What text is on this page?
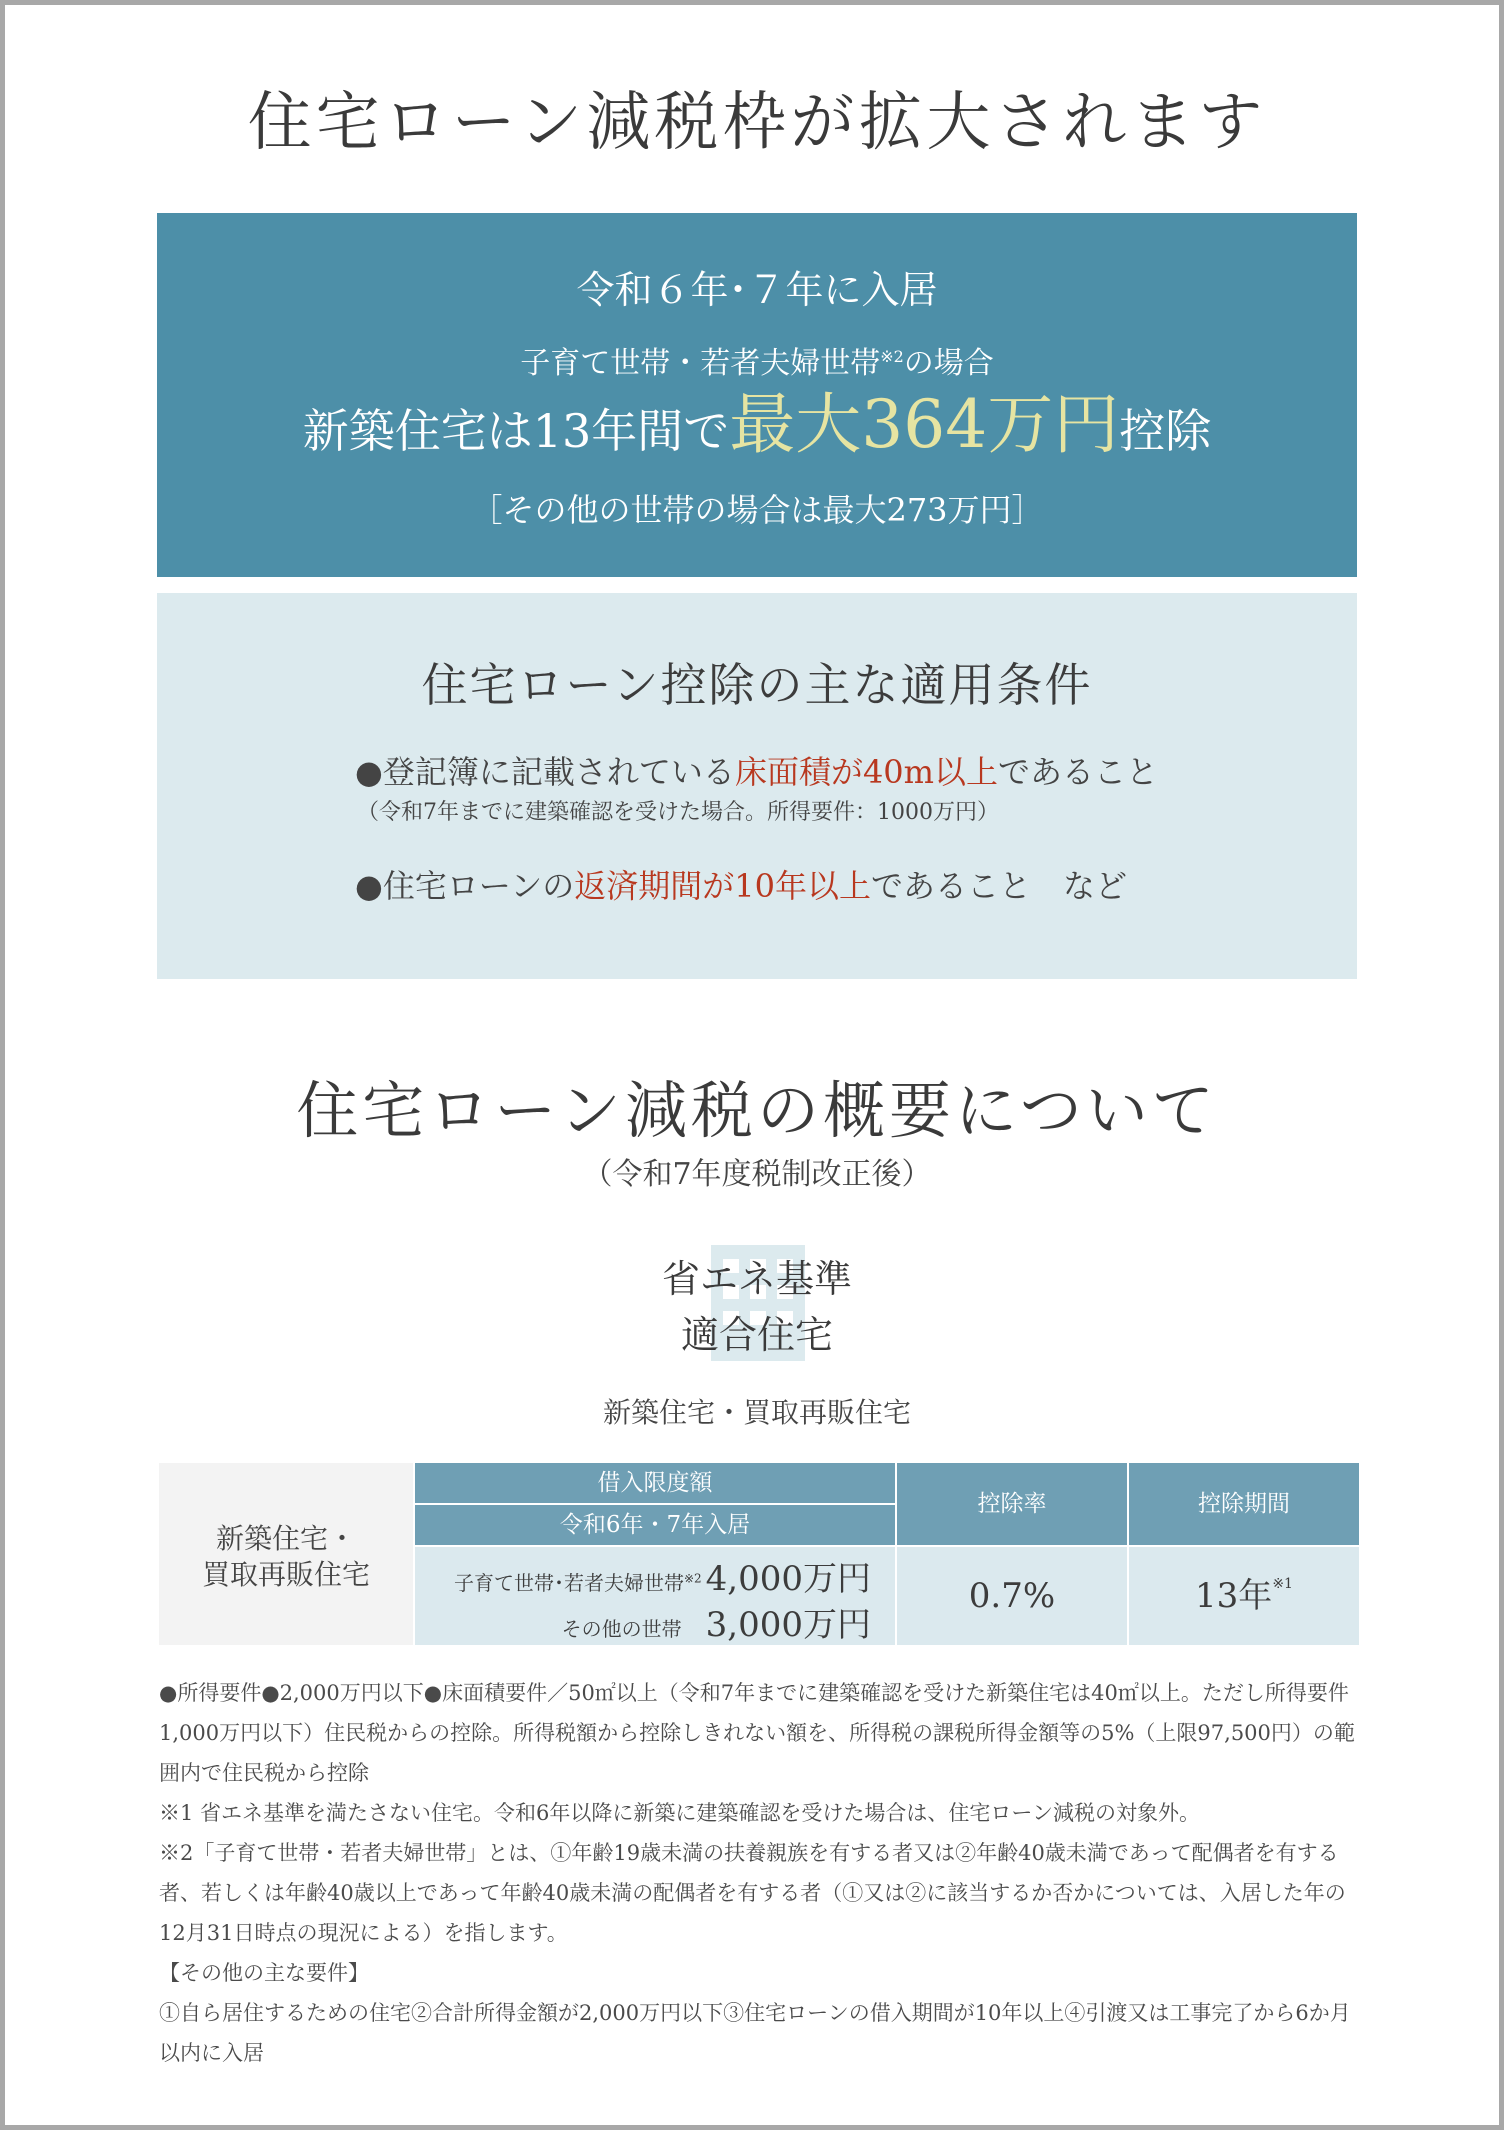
住宅ローン減税枠が拡大されます
令和６年･７年に入居
子育て世帯・若者夫婦世帯$^{※2}$の場合
新築住宅は13年間で最大364万円控除
［その他の世帯の場合は最大273万円］
住宅ローン控除の主な適用条件
●登記簿に記載されている床面積が40m以上であること
（令和7年までに建築確認を受けた場合。所得要件：1000万円）
●住宅ローンの返済期間が10年以上であること　など
住宅ローン減税の概要について
（令和7年度税制改正後）
省エネ基準
適合住宅
新築住宅・買取再販住宅
新築住宅・
買取再販住宅
借入限度額
令和6年・7年入居
控除率	控除期間
子育て世帯･若者夫婦世帯$^{※2}$ 4,000万円
その他の世帯 3,000万円
0.7%	13年$^{※1}$

●所得要件●2,000万円以下●床面積要件／50㎡以上（令和7年までに建築確認を受けた新築住宅は40㎡以上。ただし所得要件1,000万円以下）住民税からの控除。所得税額から控除しきれない額を、所得税の課税所得金額等の5%（上限97,500円）の範囲内で住民税から控除

※1 省エネ基準を満たさない住宅。令和6年以降に新築に建築確認を受けた場合は、住宅ローン減税の対象外。

※2「子育て世帯・若者夫婦世帯」とは、①年齢19歳未満の扶養親族を有する者又は②年齢40歳未満であって配偶者を有する者、若しくは年齢40歳以上であって年齢40歳未満の配偶者を有する者（①又は②に該当するか否かについては、入居した年の12月31日時点の現況による）を指します。

【その他の主な要件】

①自ら居住するための住宅②合計所得金額が2,000万円以下③住宅ローンの借入期間が10年以上④引渡又は工事完了から6か月以内に入居
